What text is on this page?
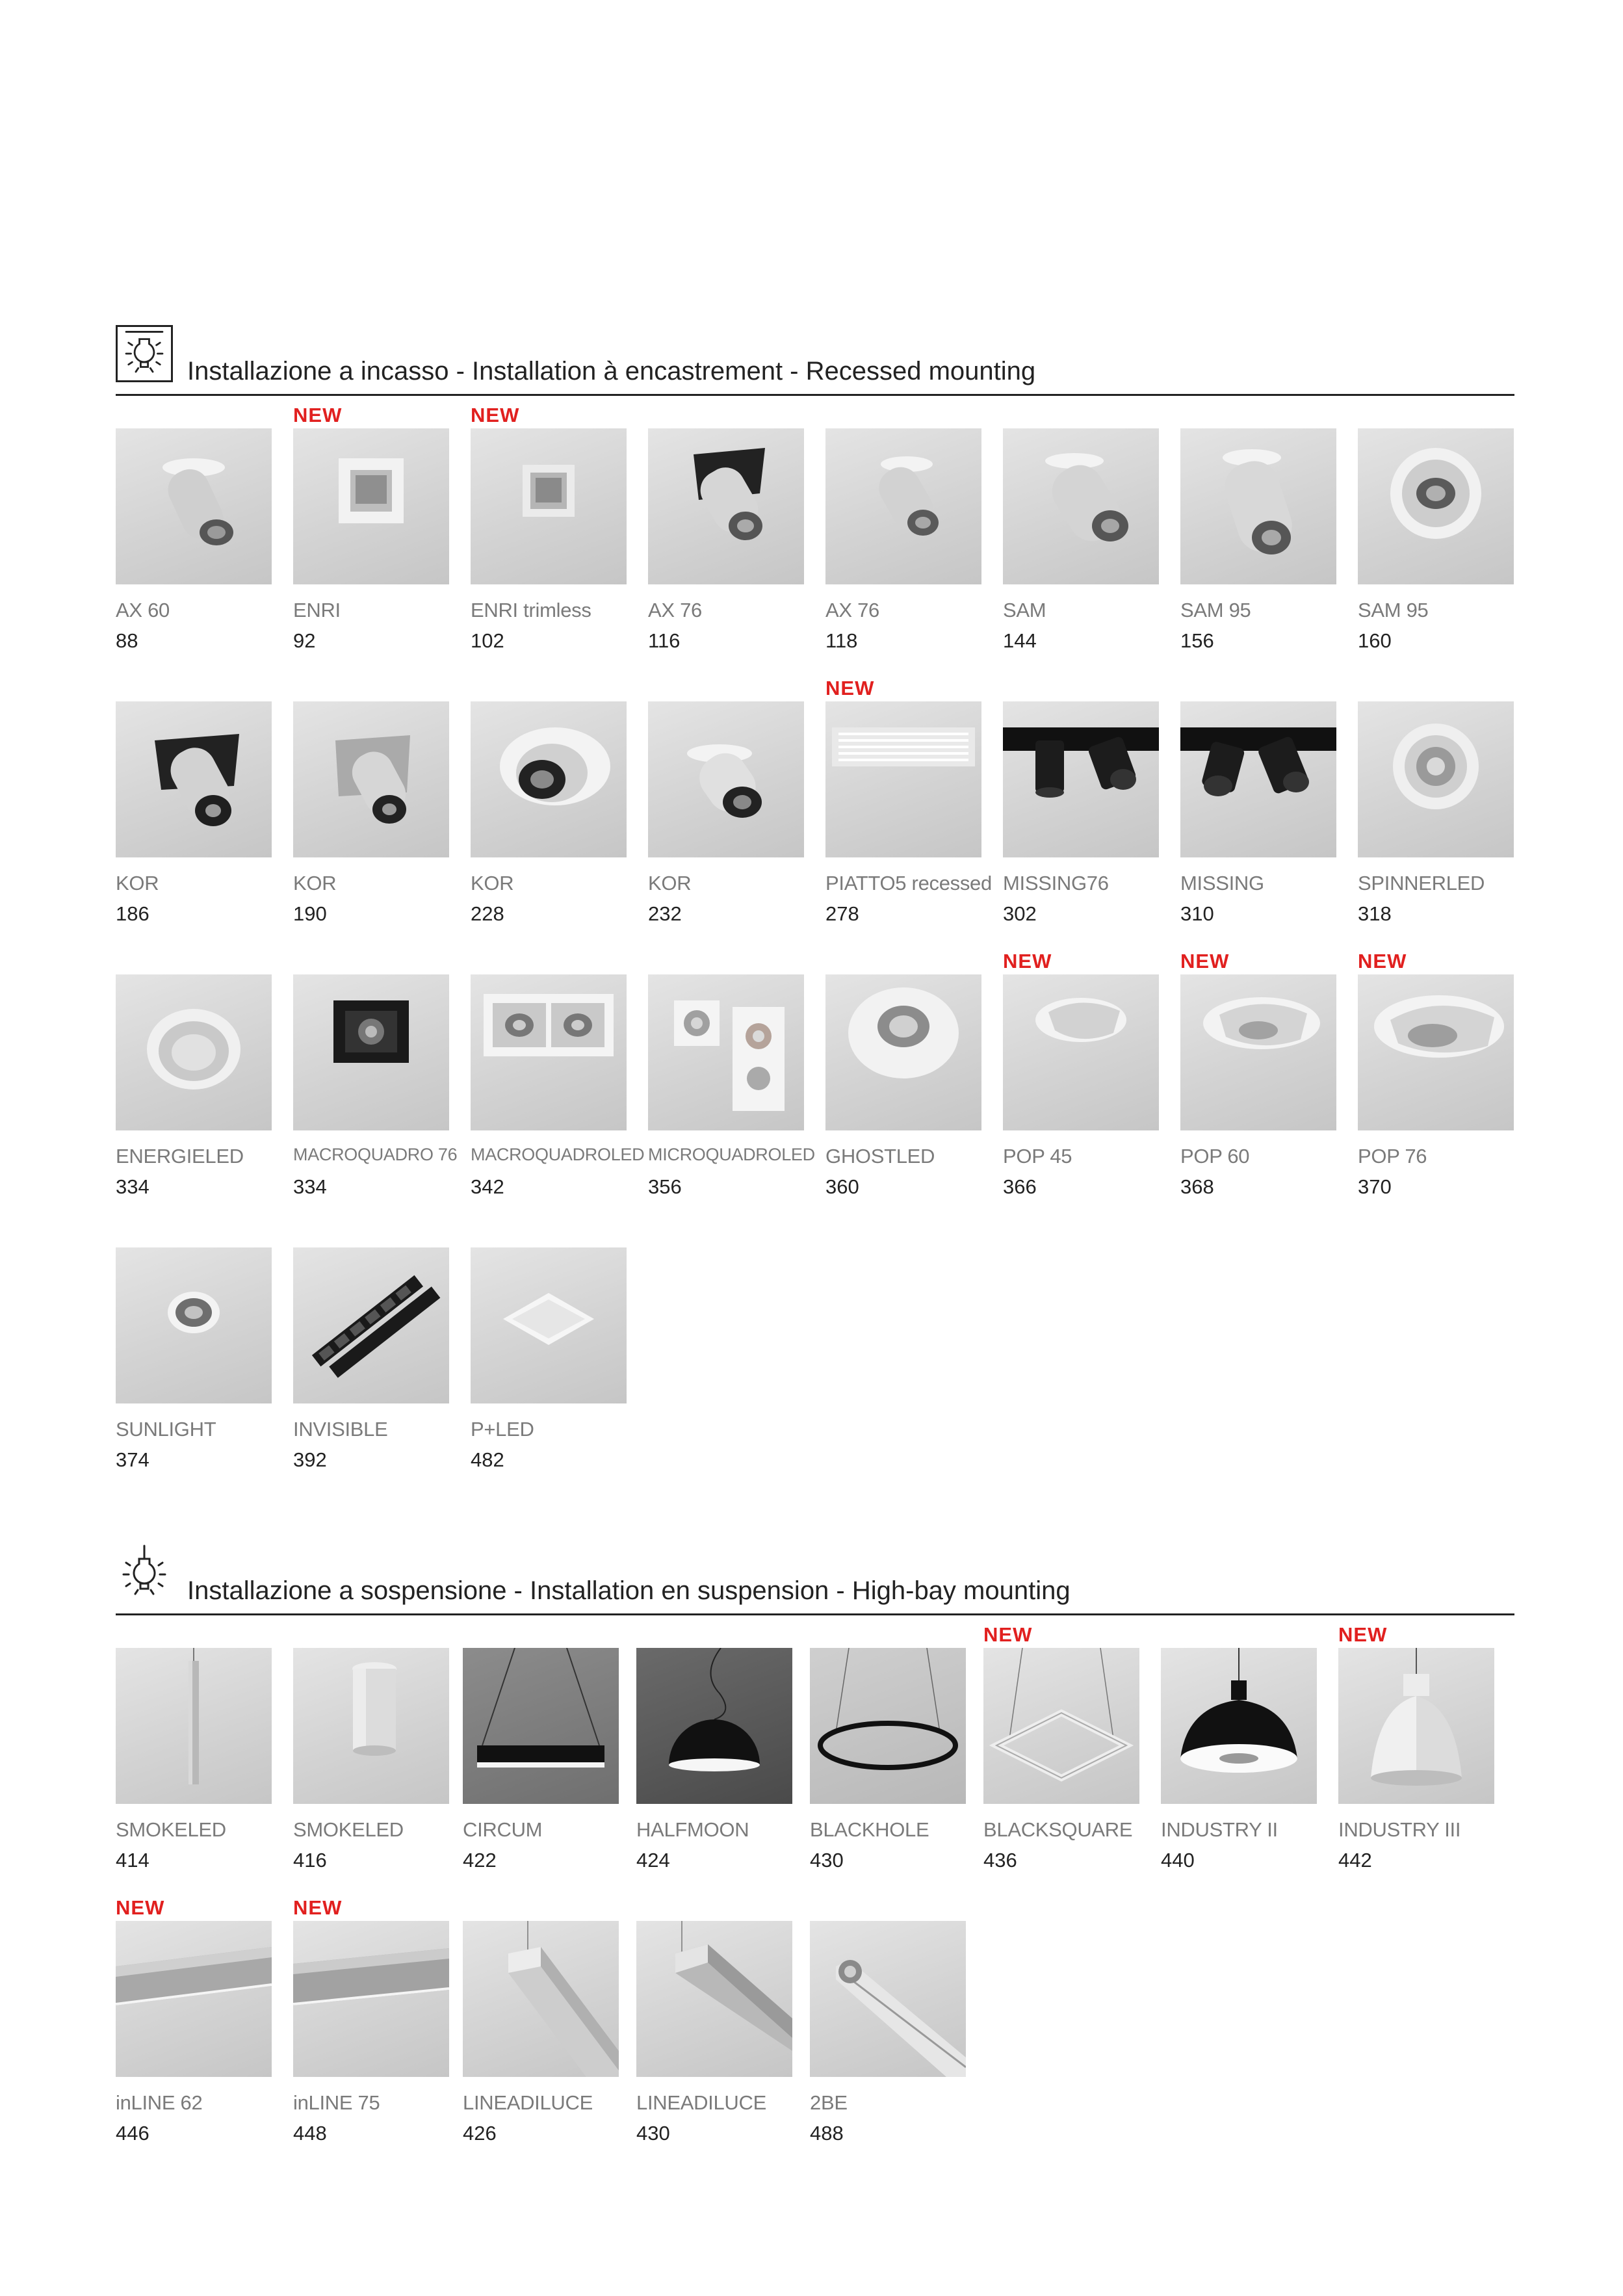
Installazione a incasso - Installation à encastrement - Recessed mounting
AX 60
88
NEW
ENRI
92
NEW
ENRI trimless
102
AX 76
116
AX 76
118
SAM
144
SAM 95
156
SAM 95
160
KOR
186
KOR
190
KOR
228
KOR
232
NEW
PIATTO5 recessed
278
MISSING76
302
MISSING
310
SPINNERLED
318
ENERGIELED
334
MACROQUADRO 76
334
MACROQUADROLED
342
MICROQUADROLED
356
GHOSTLED
360
NEW
POP 45
366
NEW
POP 60
368
NEW
POP 76
370
SUNLIGHT
374
INVISIBLE
392
P+LED
482
Installazione a sospensione - Installation en suspension - High-bay mounting
SMOKELED
414
SMOKELED
416
CIRCUM
422
HALFMOON
424
BLACKHOLE
430
NEW
BLACKSQUARE
436
INDUSTRY II
440
NEW
INDUSTRY III
442
NEW
inLINE 62
446
NEW
inLINE 75
448
LINEADILUCE
426
LINEADILUCE
430
2BE
488
